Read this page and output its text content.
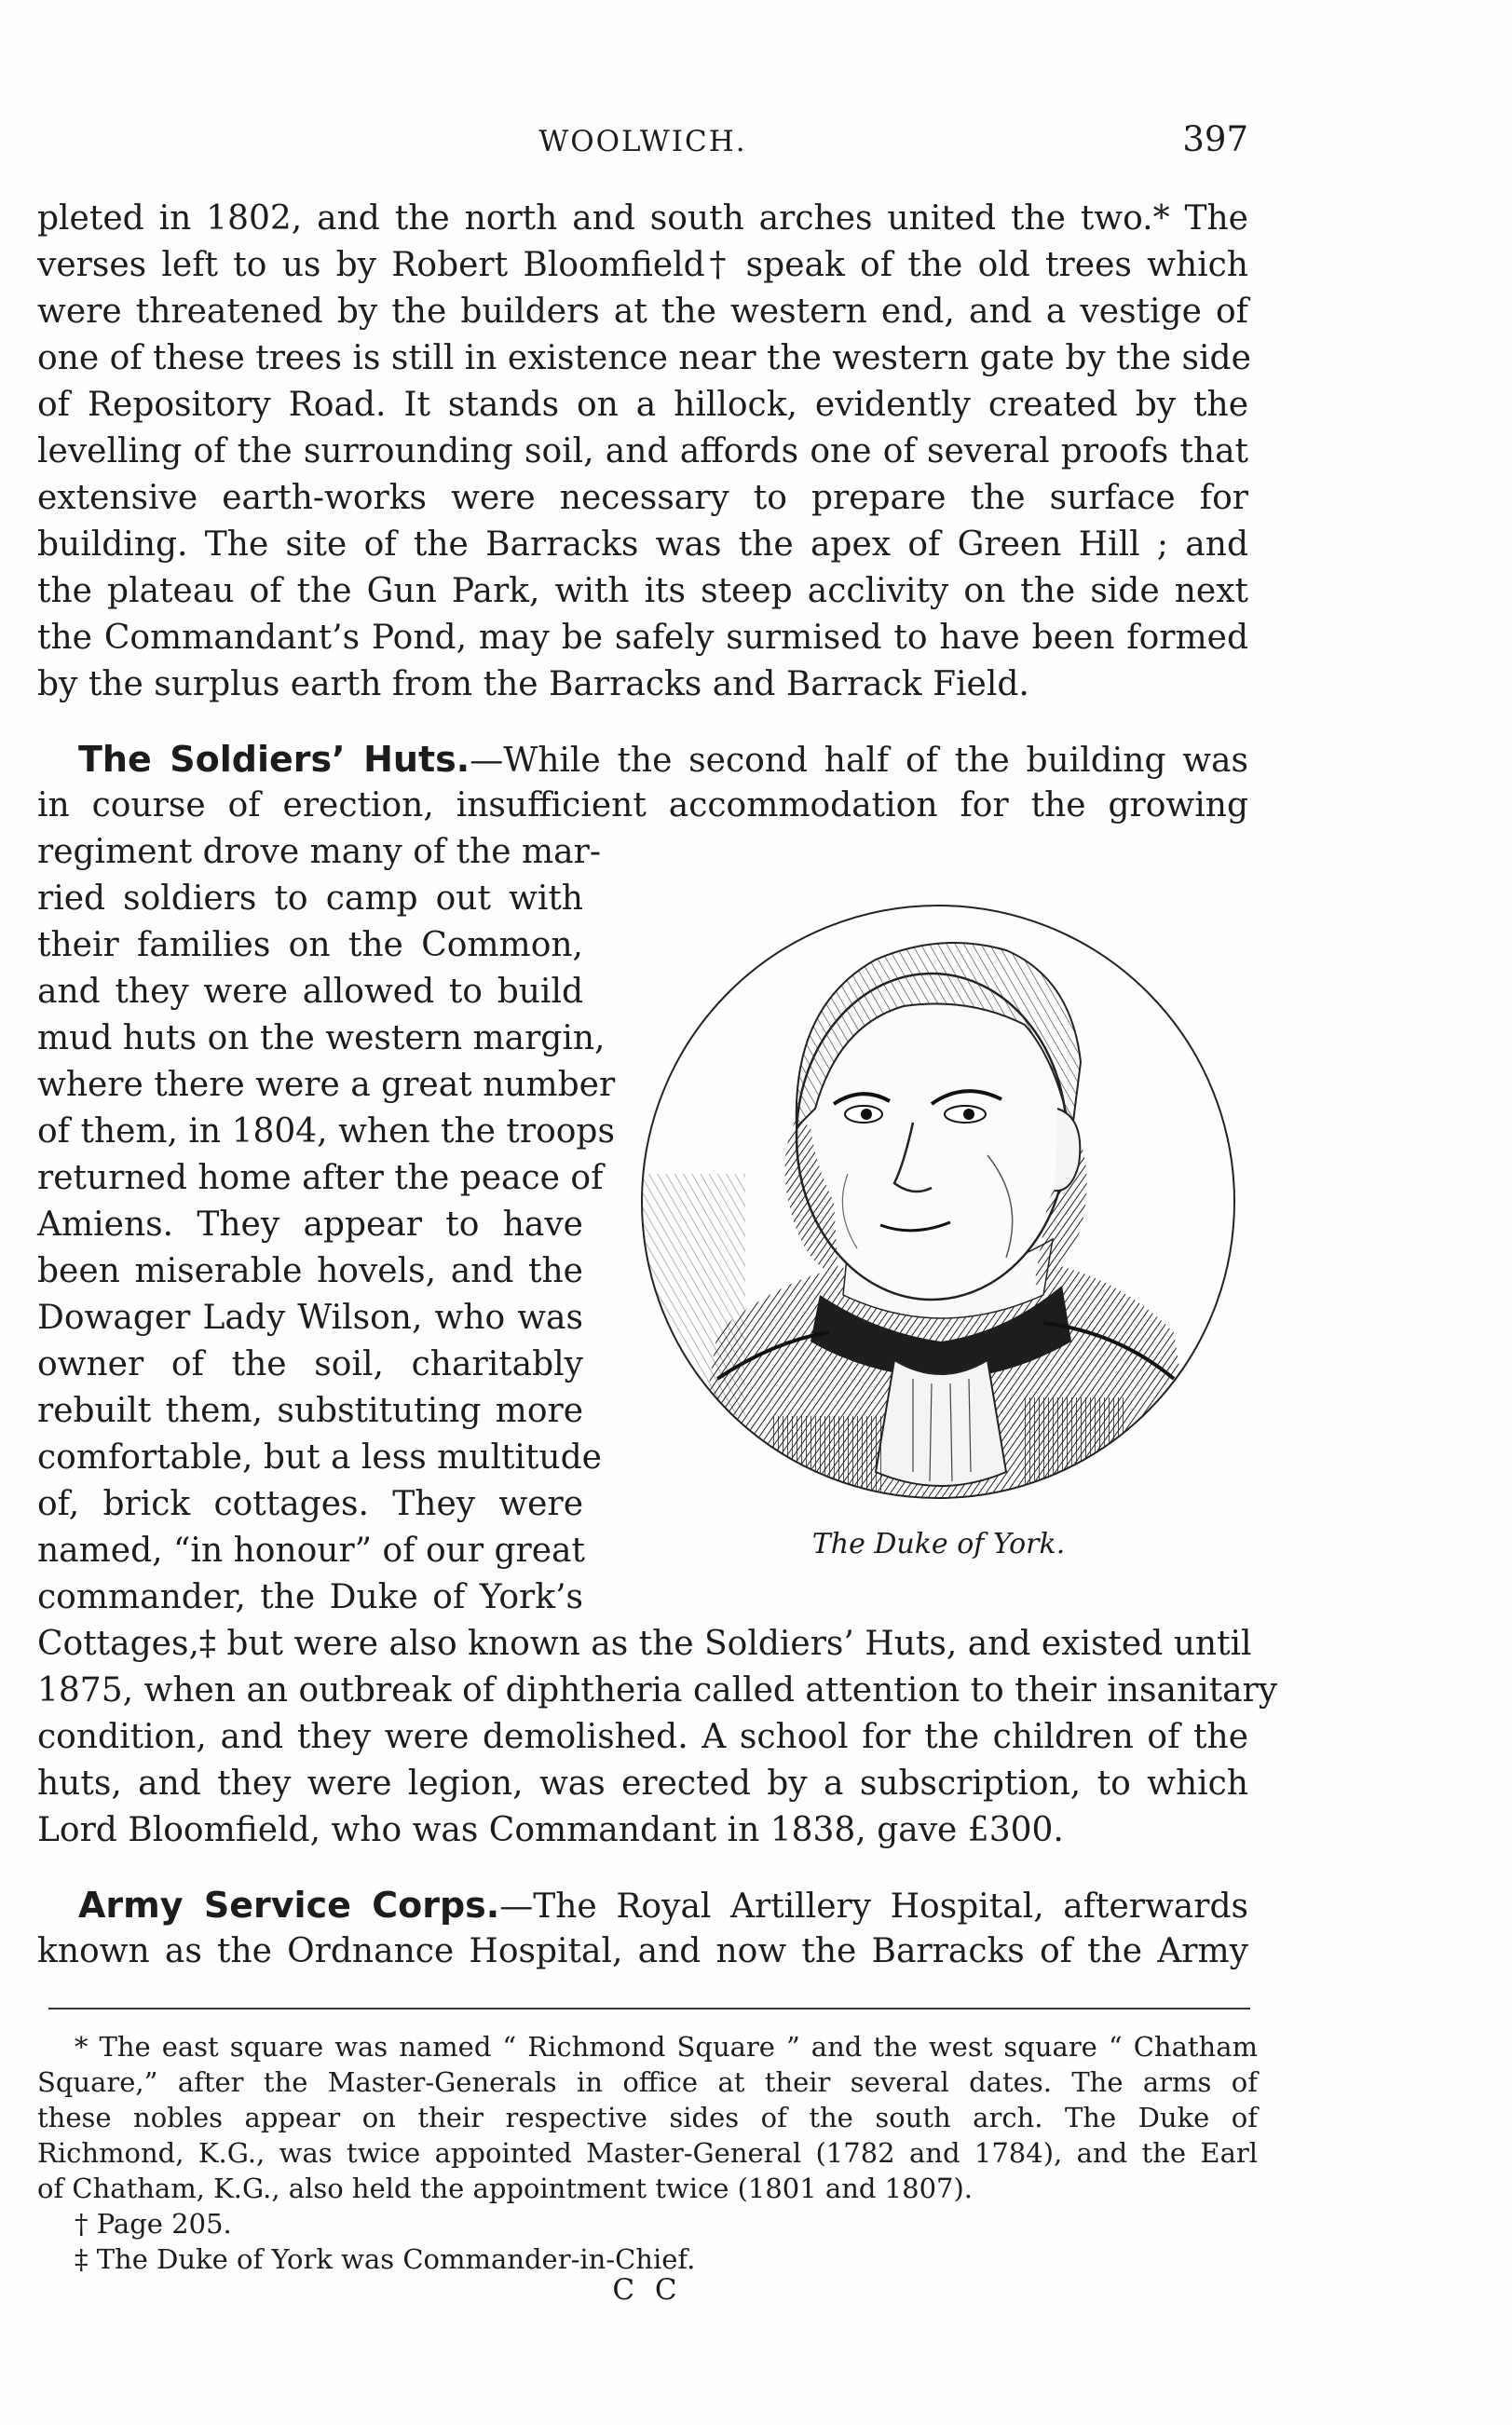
WOOLWICH.	397
pleted in 1802, and the north and south arches united the two.* The
verses left to us by Robert Bloomfield† speak of the old trees which
were threatened by the builders at the western end, and a vestige of
one of these trees is still in existence near the western gate by the side
of Repository Road. It stands on a hillock, evidently created by the
levelling of the surrounding soil, and affords one of several proofs that
extensive earth-works were necessary to prepare the surface for
building. The site of the Barracks was the apex of Green Hill ; and
the plateau of the Gun Park, with its steep acclivity on the side next
the Commandant’s Pond, may be safely surmised to have been formed
by the surplus earth from the Barracks and Barrack Field.
The Soldiers’ Huts.—While the second half of the building was
in course of erection, insufficient accommodation for the growing
regiment drove many of the mar-
ried soldiers to camp out with
their families on the Common,
and they were allowed to build
mud huts on the western margin,
where there were a great number
of them, in 1804, when the troops
returned home after the peace of
Amiens. They appear to have
been miserable hovels, and the
Dowager Lady Wilson, who was
owner of the soil, charitably
rebuilt them, substituting more
comfortable, but a less multitude
of, brick cottages. They were
named, “in honour” of our great
commander, the Duke of York’s
The Duke of York.
Cottages,‡ but were also known as the Soldiers’ Huts, and existed until
1875, when an outbreak of diphtheria called attention to their insanitary
condition, and they were demolished. A school for the children of the
huts, and they were legion, was erected by a subscription, to which
Lord Bloomfield, who was Commandant in 1838, gave £300.
Army Service Corps.—The Royal Artillery Hospital, afterwards
known as the Ordnance Hospital, and now the Barracks of the Army
* The east square was named “ Richmond Square ” and the west square “ Chatham
Square,” after the Master-Generals in office at their several dates. The arms of
these nobles appear on their respective sides of the south arch. The Duke of
Richmond, K.G., was twice appointed Master-General (1782 and 1784), and the Earl
of Chatham, K.G., also held the appointment twice (1801 and 1807).
† Page 205.
‡ The Duke of York was Commander-in-Chief.
C C
